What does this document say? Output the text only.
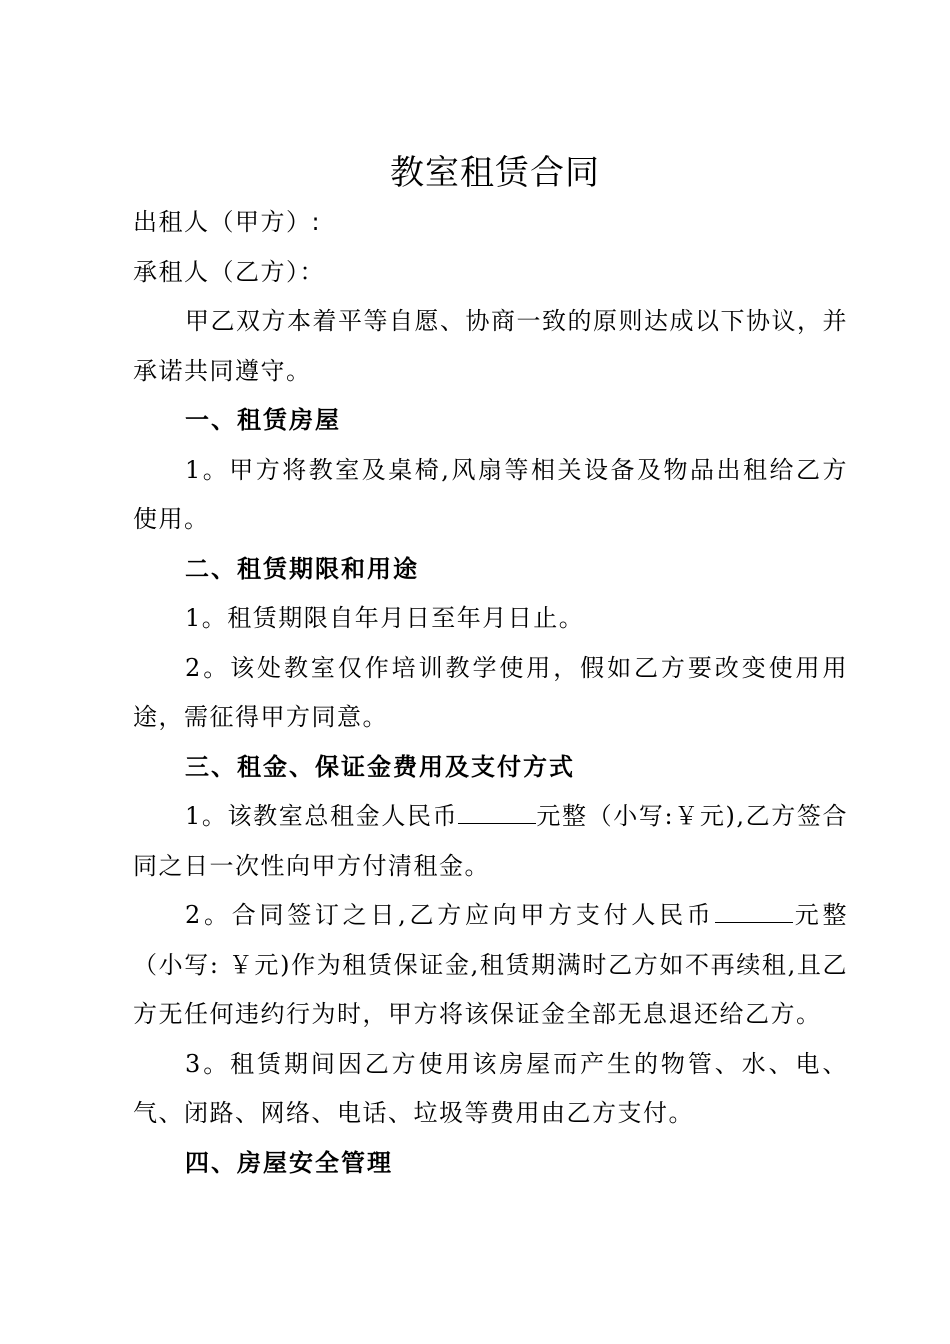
教室租赁合同

出租人（甲方）:

承租人（乙方）：

甲乙双方本着平等自愿、协商一致的原则达成以下协议，并承诺共同遵守。

一、租赁房屋

1。甲方将教室及桌椅,风扇等相关设备及物品出租给乙方使用。

二、租赁期限和用途

1。租赁期限自年月日至年月日止。

2。该处教室仅作培训教学使用，假如乙方要改变使用用途，需征得甲方同意。

三、租金、保证金费用及支付方式

1。该教室总租金人民币	元整（小写:￥元),乙方签合同之日一次性向甲方付清租金。

2。合同签订之日,乙方应向甲方支付人民币	元整（小写: ￥元)作为租赁保证金,租赁期满时乙方如不再续租,且乙方无任何违约行为时，甲方将该保证金全部无息退还给乙方。

3。租赁期间因乙方使用该房屋而产生的物管、水、电、气、闭路、网络、电话、垃圾等费用由乙方支付。

四、房屋安全管理
